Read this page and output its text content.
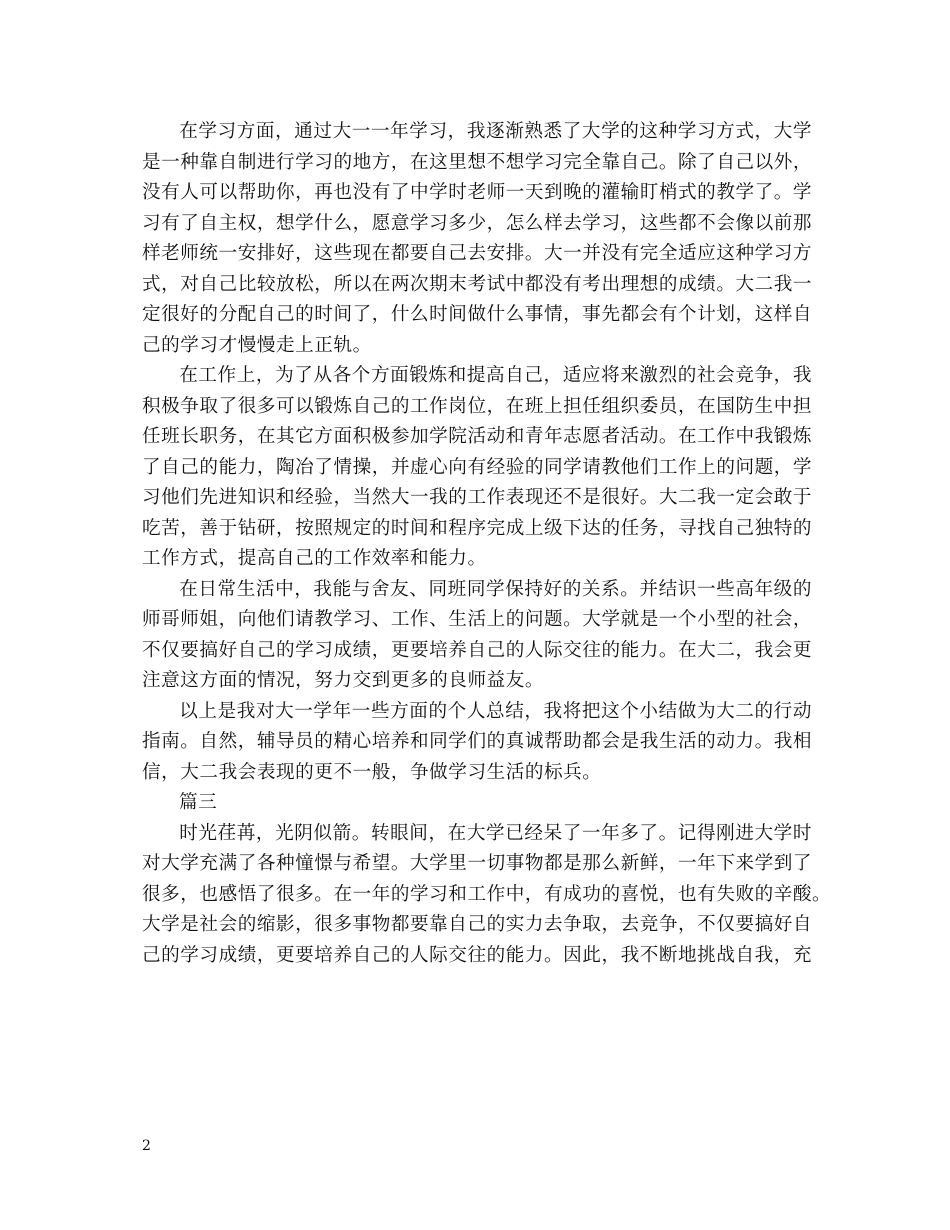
在学习方面，通过大一一年学习，我逐渐熟悉了大学的这种学习方式，大学
是一种靠自制进行学习的地方，在这里想不想学习完全靠自己。除了自己以外，
没有人可以帮助你，再也没有了中学时老师一天到晚的灌输盯梢式的教学了。学
习有了自主权，想学什么，愿意学习多少，怎么样去学习，这些都不会像以前那
样老师统一安排好，这些现在都要自己去安排。大一并没有完全适应这种学习方
式，对自己比较放松，所以在两次期末考试中都没有考出理想的成绩。大二我一
定很好的分配自己的时间了，什么时间做什么事情，事先都会有个计划，这样自
己的学习才慢慢走上正轨。
在工作上，为了从各个方面锻炼和提高自己，适应将来激烈的社会竞争，我
积极争取了很多可以锻炼自己的工作岗位，在班上担任组织委员，在国防生中担
任班长职务，在其它方面积极参加学院活动和青年志愿者活动。在工作中我锻炼
了自己的能力，陶冶了情操，并虚心向有经验的同学请教他们工作上的问题，学
习他们先进知识和经验，当然大一我的工作表现还不是很好。大二我一定会敢于
吃苦，善于钻研，按照规定的时间和程序完成上级下达的任务，寻找自己独特的
工作方式，提高自己的工作效率和能力。
在日常生活中，我能与舍友、同班同学保持好的关系。并结识一些高年级的
师哥师姐，向他们请教学习、工作、生活上的问题。大学就是一个小型的社会，
不仅要搞好自己的学习成绩，更要培养自己的人际交往的能力。在大二，我会更
注意这方面的情况，努力交到更多的良师益友。
以上是我对大一学年一些方面的个人总结，我将把这个小结做为大二的行动
指南。自然，辅导员的精心培养和同学们的真诚帮助都会是我生活的动力。我相
信，大二我会表现的更不一般，争做学习生活的标兵。
篇三
时光荏苒，光阴似箭。转眼间，在大学已经呆了一年多了。记得刚进大学时
对大学充满了各种憧憬与希望。大学里一切事物都是那么新鲜，一年下来学到了
很多，也感悟了很多。在一年的学习和工作中，有成功的喜悦，也有失败的辛酸。
大学是社会的缩影，很多事物都要靠自己的实力去争取，去竞争，不仅要搞好自
己的学习成绩，更要培养自己的人际交往的能力。因此，我不断地挑战自我，充
2
